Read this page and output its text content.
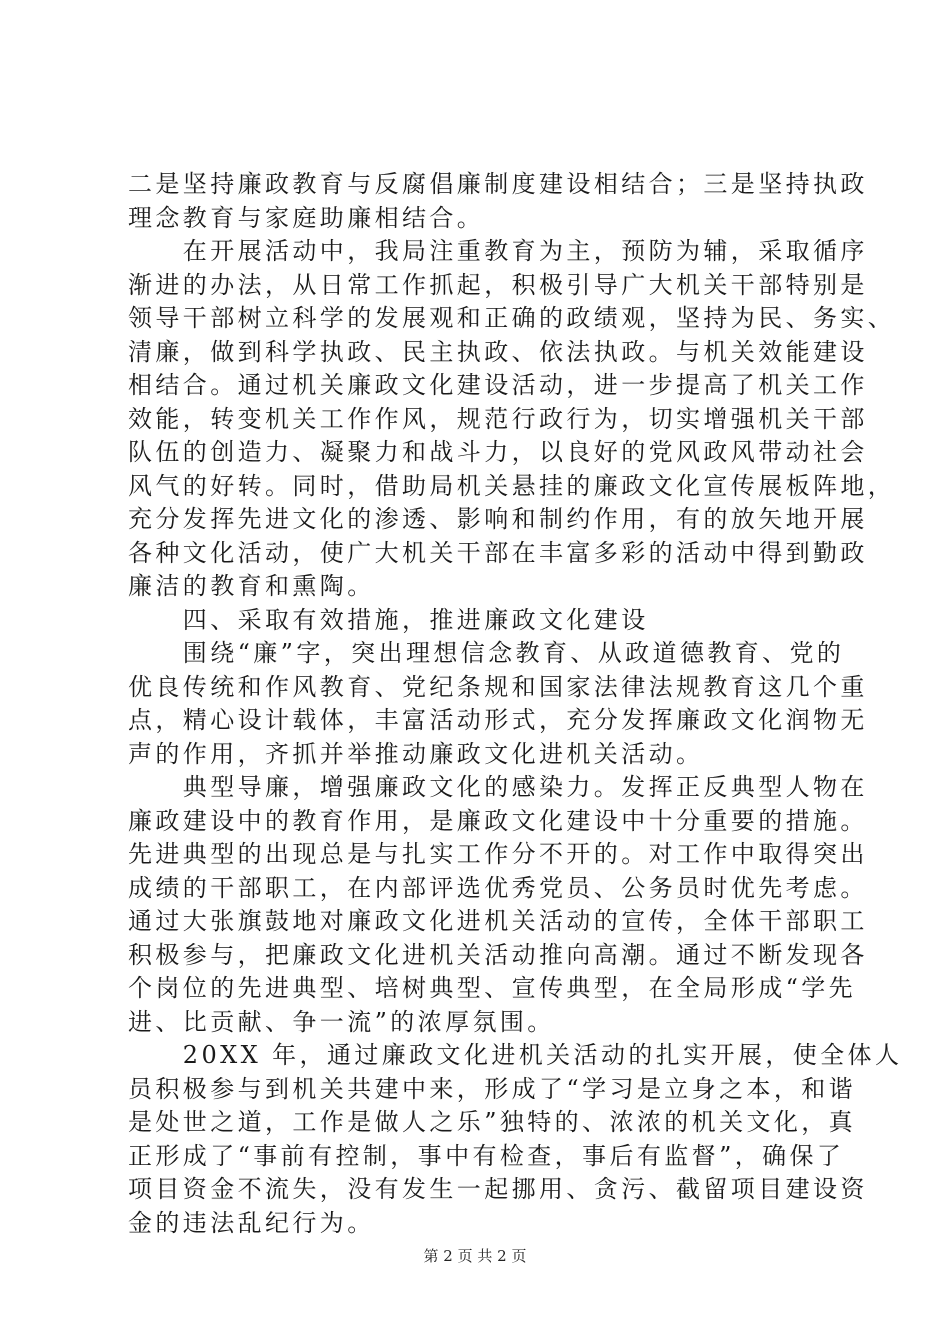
二是坚持廉政教育与反腐倡廉制度建设相结合；三是坚持执政
理念教育与家庭助廉相结合。
　　在开展活动中，我局注重教育为主，预防为辅，采取循序
渐进的办法，从日常工作抓起，积极引导广大机关干部特别是
领导干部树立科学的发展观和正确的政绩观，坚持为民、务实、
清廉，做到科学执政、民主执政、依法执政。与机关效能建设
相结合。通过机关廉政文化建设活动，进一步提高了机关工作
效能，转变机关工作作风，规范行政行为，切实增强机关干部
队伍的创造力、凝聚力和战斗力，以良好的党风政风带动社会
风气的好转。同时，借助局机关悬挂的廉政文化宣传展板阵地，
充分发挥先进文化的渗透、影响和制约作用，有的放矢地开展
各种文化活动，使广大机关干部在丰富多彩的活动中得到勤政
廉洁的教育和熏陶。
　　四、采取有效措施，推进廉政文化建设
　　围绕“廉”字，突出理想信念教育、从政道德教育、党的
优良传统和作风教育、党纪条规和国家法律法规教育这几个重
点，精心设计载体，丰富活动形式，充分发挥廉政文化润物无
声的作用，齐抓并举推动廉政文化进机关活动。
　　典型导廉，增强廉政文化的感染力。发挥正反典型人物在
廉政建设中的教育作用，是廉政文化建设中十分重要的措施。
先进典型的出现总是与扎实工作分不开的。对工作中取得突出
成绩的干部职工，在内部评选优秀党员、公务员时优先考虑。
通过大张旗鼓地对廉政文化进机关活动的宣传，全体干部职工
积极参与，把廉政文化进机关活动推向高潮。通过不断发现各
个岗位的先进典型、培树典型、宣传典型，在全局形成“学先
进、比贡献、争一流”的浓厚氛围。
　　20XX 年，通过廉政文化进机关活动的扎实开展，使全体人
员积极参与到机关共建中来，形成了“学习是立身之本，和谐
是处世之道，工作是做人之乐”独特的、浓浓的机关文化，真
正形成了“事前有控制，事中有检查，事后有监督”，确保了
项目资金不流失，没有发生一起挪用、贪污、截留项目建设资
金的违法乱纪行为。
第 2 页 共 2 页
